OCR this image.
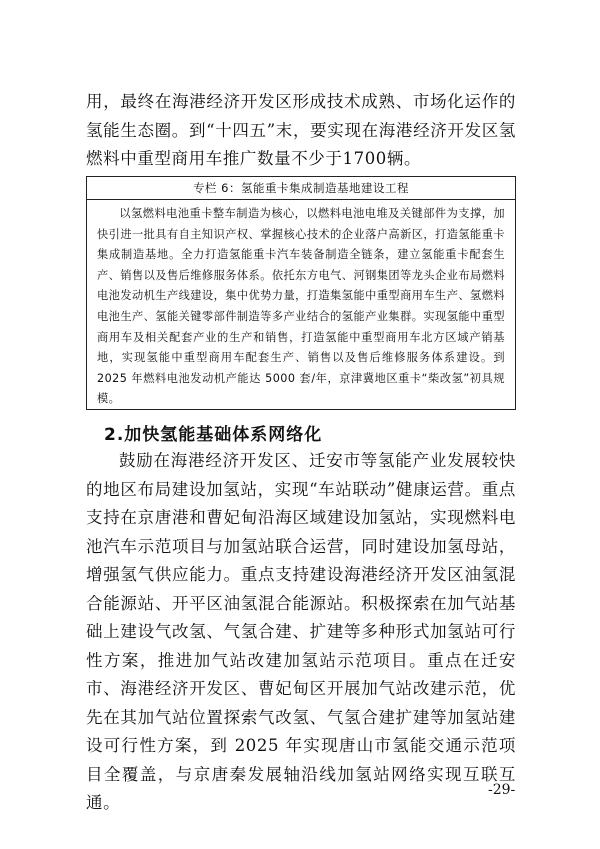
用，最终在海港经济开发区形成技术成熟、市场化运作的氢能生态圈。到“十四五”末，要实现在海港经济开发区氢燃料中重型商用车推广数量不少于1700辆。

专栏 6：氢能重卡集成制造基地建设工程

以氢燃料电池重卡整车制造为核心，以燃料电池电堆及关键部件为支撑，加快引进一批具有自主知识产权、掌握核心技术的企业落户高新区，打造氢能重卡集成制造基地。全力打造氢能重卡汽车装备制造全链条，建立氢能重卡配套生产、销售以及售后维修服务体系。依托东方电气、河钢集团等龙头企业布局燃料电池发动机生产线建设，集中优势力量，打造集氢能中重型商用车生产、氢燃料电池生产、氢能关键零部件制造等多产业结合的氢能产业集群。实现氢能中重型商用车及相关配套产业的生产和销售，打造氢能中重型商用车北方区域产销基地，实现氢能中重型商用车配套生产、销售以及售后维修服务体系建设。到 2025 年燃料电池发动机产能达 5000 套/年，京津冀地区重卡“柴改氢”初具规模。

2.加快氢能基础体系网络化

鼓励在海港经济开发区、迁安市等氢能产业发展较快的地区布局建设加氢站，实现“车站联动”健康运营。重点支持在京唐港和曹妃甸沿海区域建设加氢站，实现燃料电池汽车示范项目与加氢站联合运营，同时建设加氢母站，增强氢气供应能力。重点支持建设海港经济开发区油氢混合能源站、开平区油氢混合能源站。积极探索在加气站基础上建设气改氢、气氢合建、扩建等多种形式加氢站可行性方案，推进加气站改建加氢站示范项目。重点在迁安市、海港经济开发区、曹妃甸区开展加气站改建示范，优先在其加气站位置探索气改氢、气氢合建扩建等加氢站建设可行性方案，到 2025 年实现唐山市氢能交通示范项目全覆盖，与京唐秦发展轴沿线加氢站网络实现互联互通。

-29-
